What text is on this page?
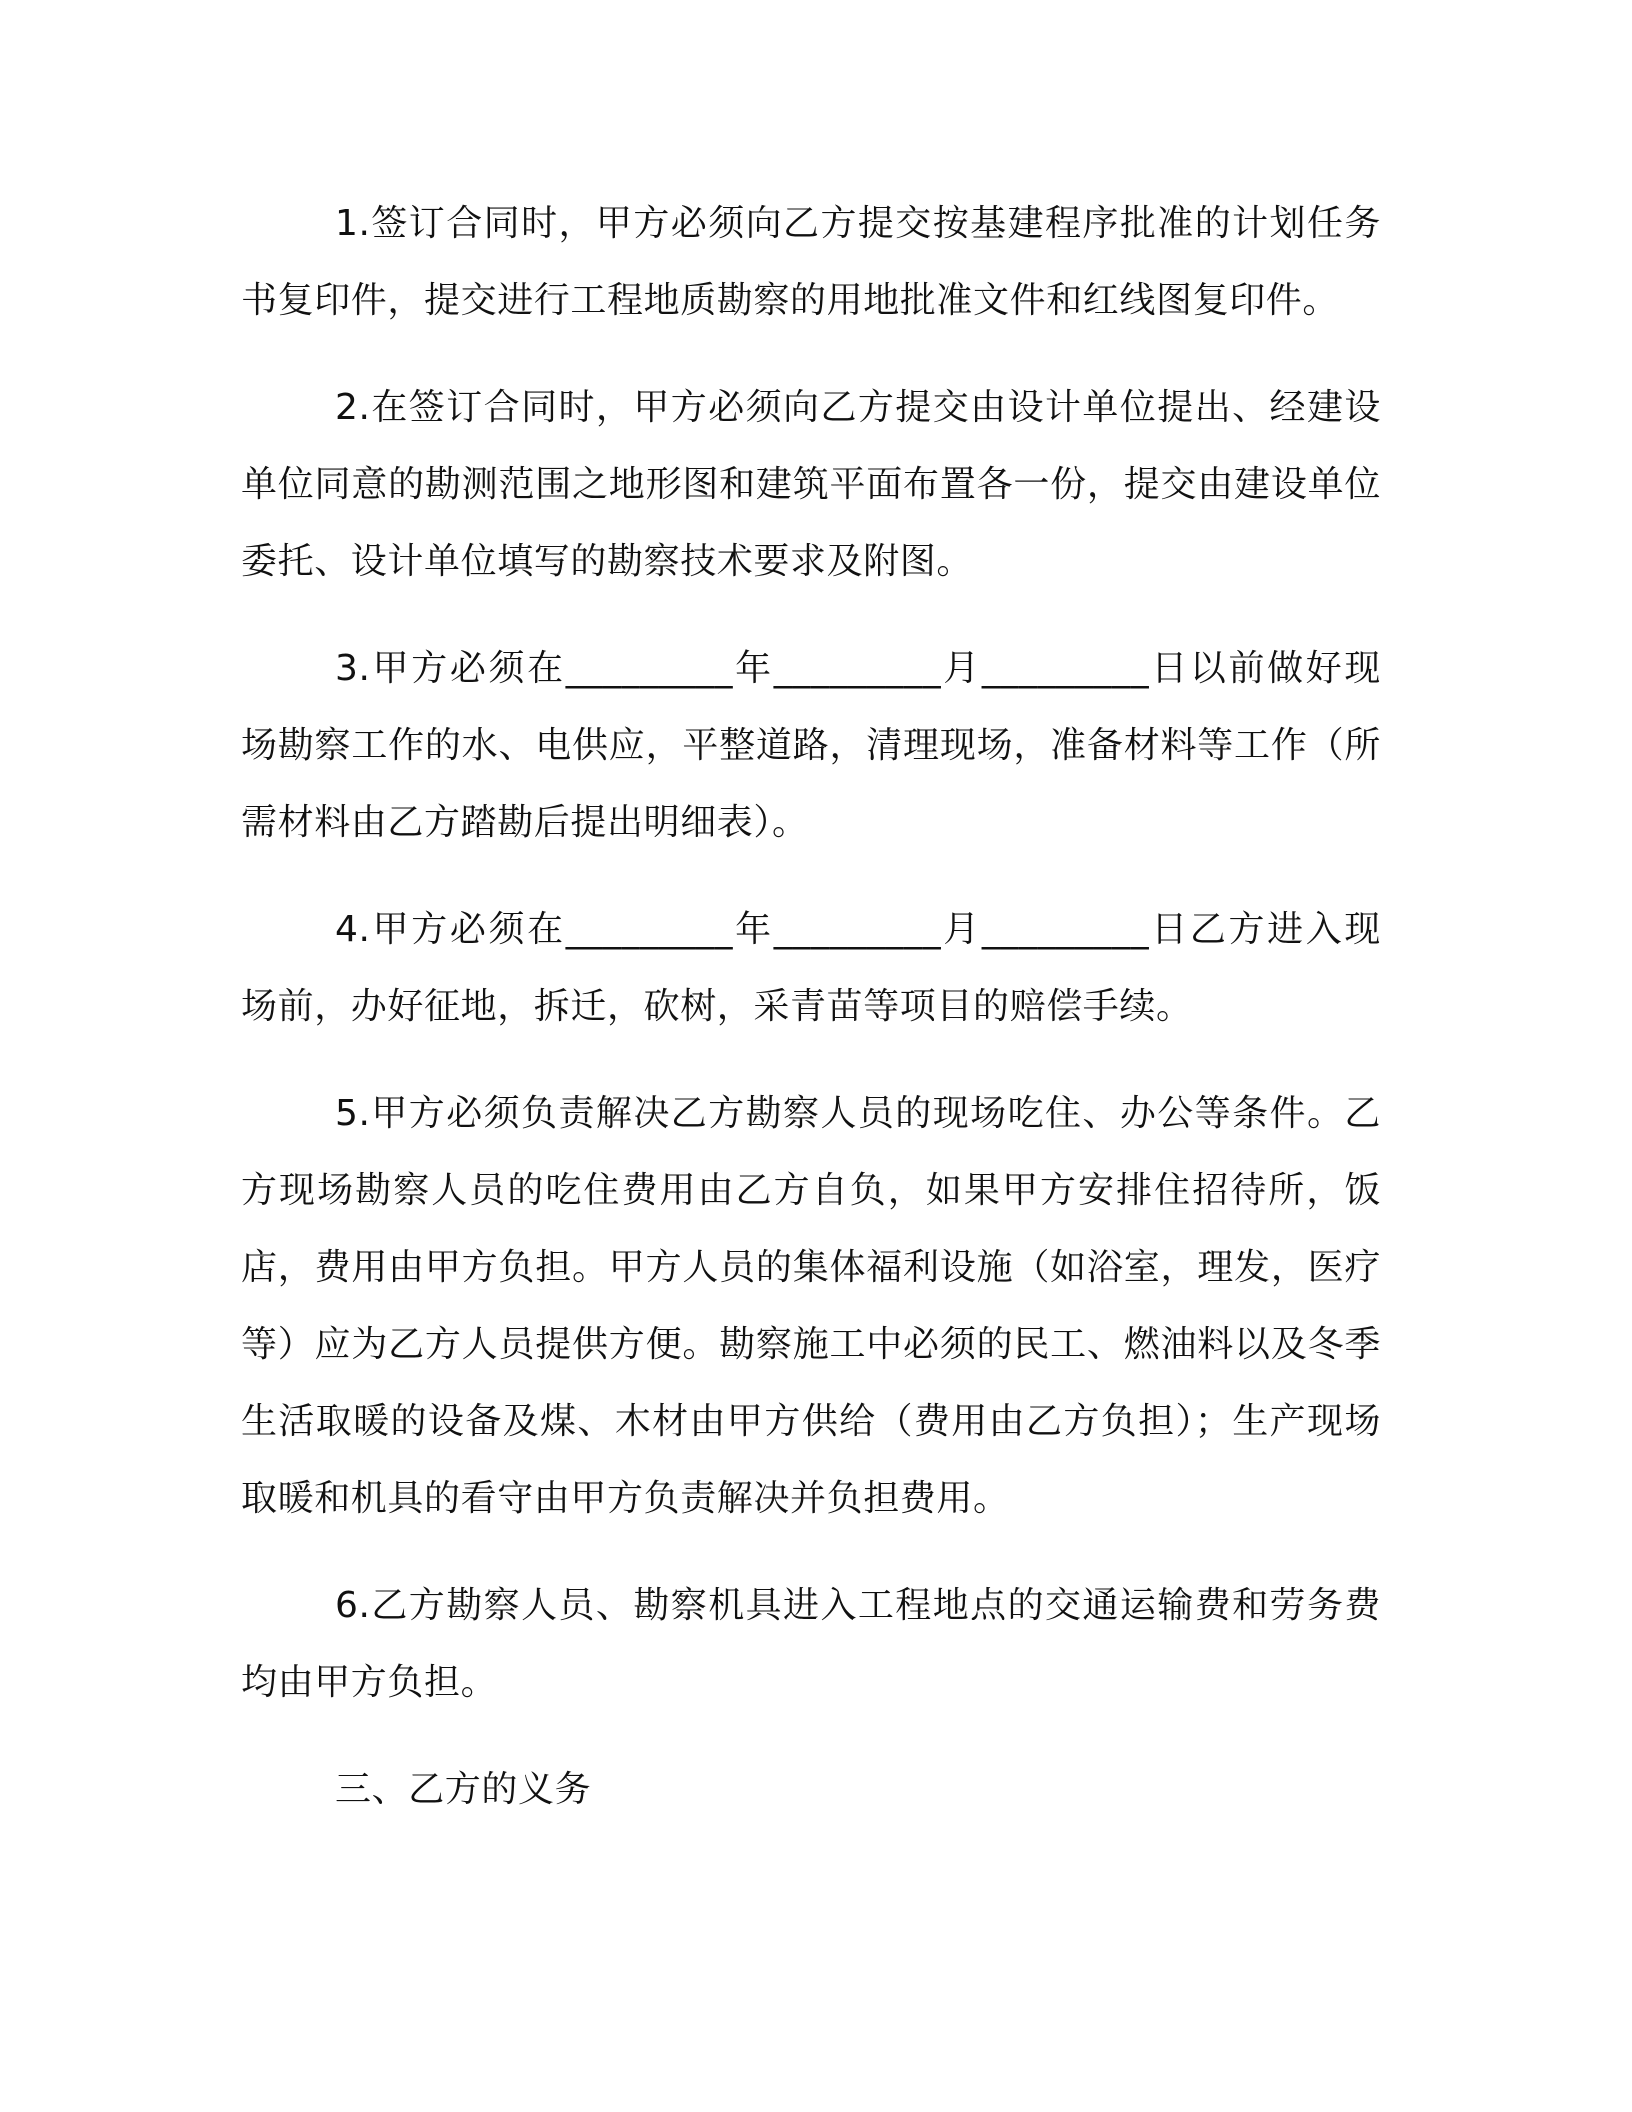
1.签订合同时，甲方必须向乙方提交按基建程序批准的计划任务书复印件，提交进行工程地质勘察的用地批准文件和红线图复印件。

2.在签订合同时，甲方必须向乙方提交由设计单位提出、经建设单位同意的勘测范围之地形图和建筑平面布置各一份，提交由建设单位委托、设计单位填写的勘察技术要求及附图。

3.甲方必须在_________年_________月_________日以前做好现场勘察工作的水、电供应，平整道路，清理现场，准备材料等工作（所需材料由乙方踏勘后提出明细表）。

4.甲方必须在_________年_________月_________日乙方进入现场前，办好征地，拆迁，砍树，采青苗等项目的赔偿手续。

5.甲方必须负责解决乙方勘察人员的现场吃住、办公等条件。乙方现场勘察人员的吃住费用由乙方自负，如果甲方安排住招待所，饭店，费用由甲方负担。甲方人员的集体福利设施（如浴室，理发，医疗等）应为乙方人员提供方便。勘察施工中必须的民工、燃油料以及冬季生活取暖的设备及煤、木材由甲方供给（费用由乙方负担）；生产现场取暖和机具的看守由甲方负责解决并负担费用。

6.乙方勘察人员、勘察机具进入工程地点的交通运输费和劳务费均由甲方负担。

三、乙方的义务
